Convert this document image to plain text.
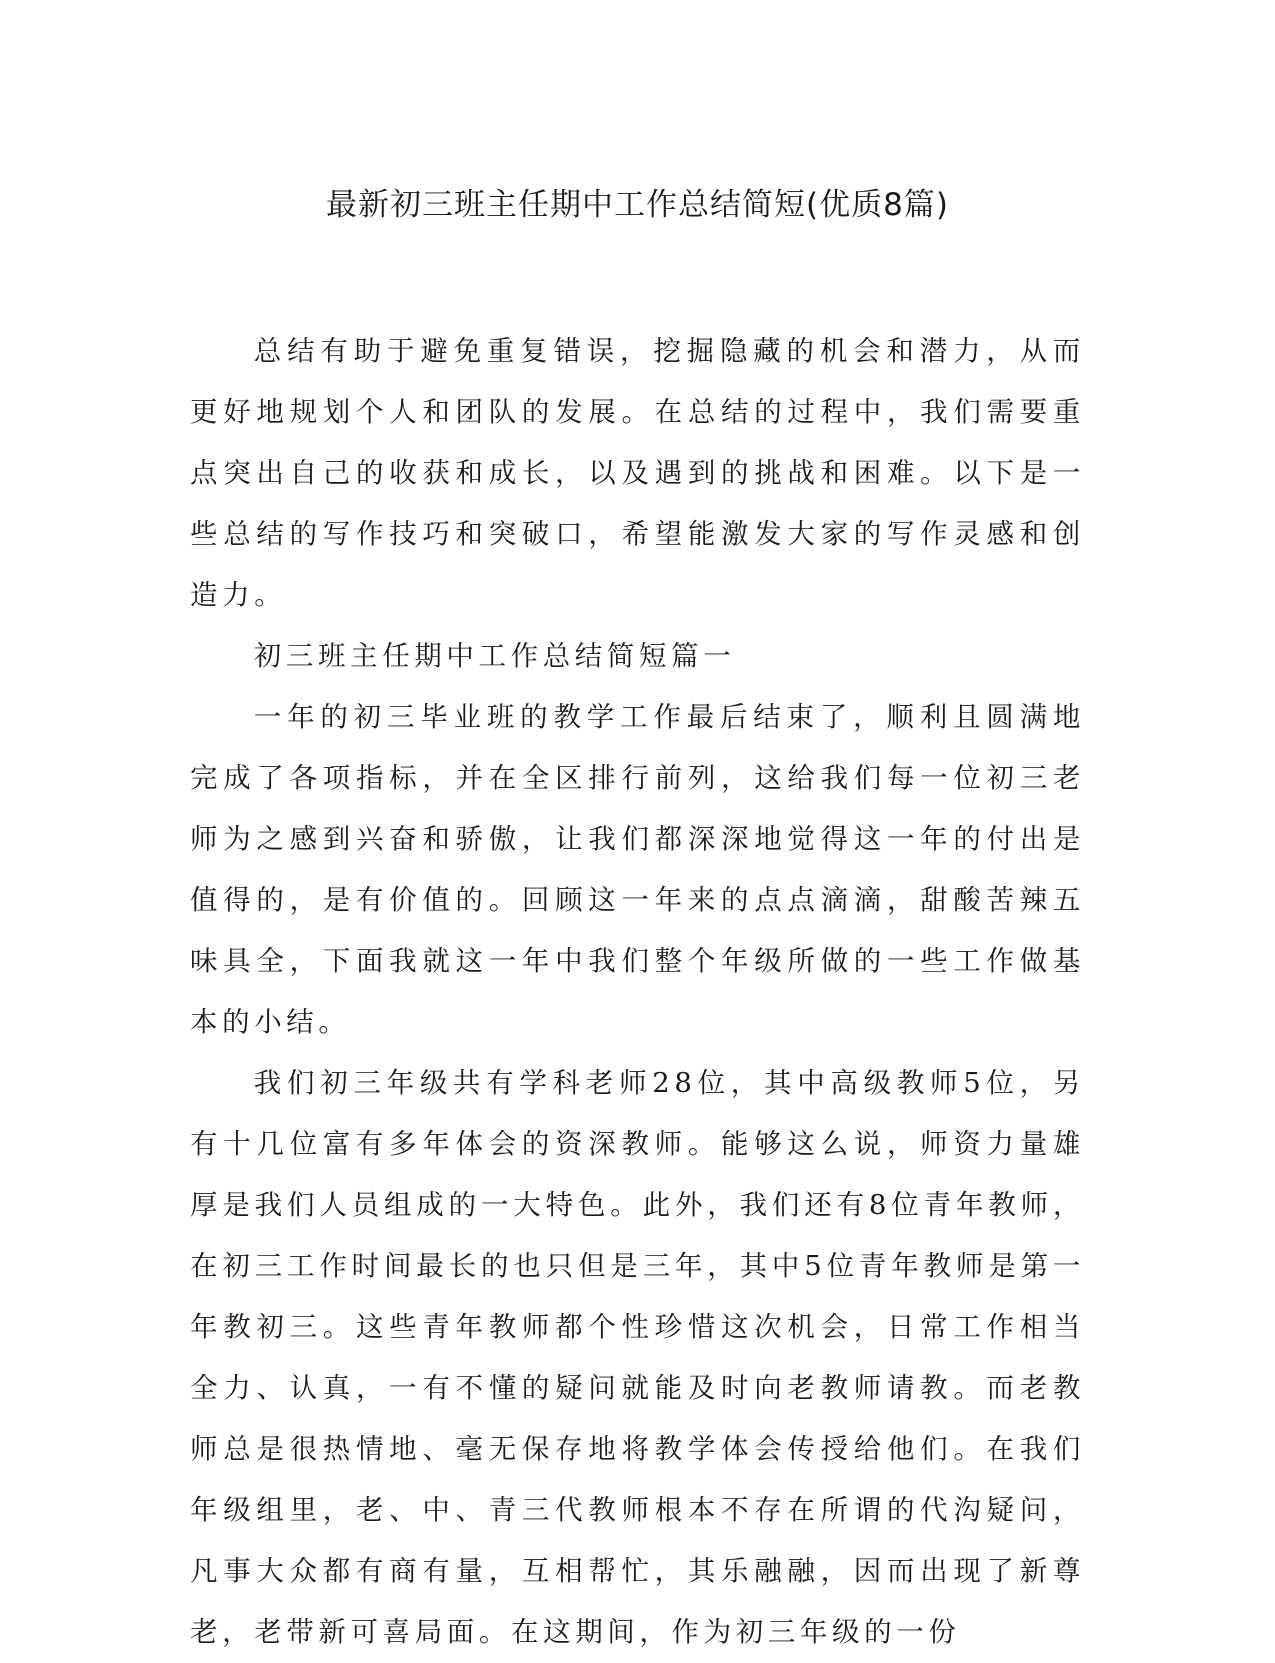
最新初三班主任期中工作总结简短(优质8篇)

总结有助于避免重复错误，挖掘隐藏的机会和潜力，从而更好地规划个人和团队的发展。在总结的过程中，我们需要重点突出自己的收获和成长，以及遇到的挑战和困难。以下是一些总结的写作技巧和突破口，希望能激发大家的写作灵感和创造力。

初三班主任期中工作总结简短篇一

一年的初三毕业班的教学工作最后结束了，顺利且圆满地完成了各项指标，并在全区排行前列，这给我们每一位初三老师为之感到兴奋和骄傲，让我们都深深地觉得这一年的付出是值得的，是有价值的。回顾这一年来的点点滴滴，甜酸苦辣五味具全，下面我就这一年中我们整个年级所做的一些工作做基本的小结。

我们初三年级共有学科老师28位，其中高级教师5位，另有十几位富有多年体会的资深教师。能够这么说，师资力量雄厚是我们人员组成的一大特色。此外，我们还有8位青年教师，在初三工作时间最长的也只但是三年，其中5位青年教师是第一年教初三。这些青年教师都个性珍惜这次机会，日常工作相当全力、认真，一有不懂的疑问就能及时向老教师请教。而老教师总是很热情地、毫无保存地将教学体会传授给他们。在我们年级组里，老、中、青三代教师根本不存在所谓的代沟疑问，凡事大众都有商有量，互相帮忙，其乐融融，因而出现了新尊老，老带新可喜局面。在这期间，作为初三年级的一份
